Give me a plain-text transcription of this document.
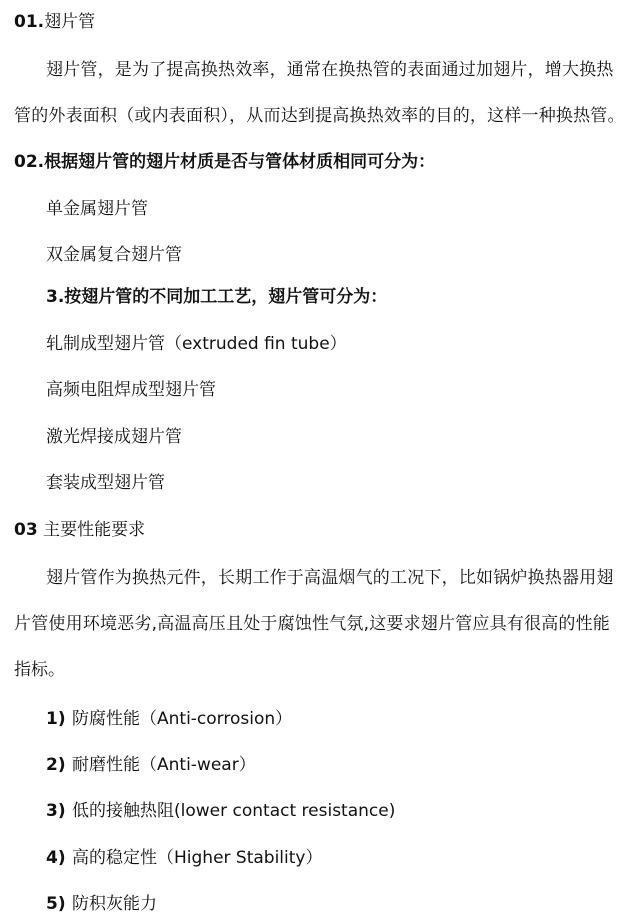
01.翅片管
翅片管，是为了提高换热效率，通常在换热管的表面通过加翅片，增大换热
管的外表面积（或内表面积），从而达到提高换热效率的目的，这样一种换热管。
02.根据翅片管的翅片材质是否与管体材质相同可分为：
单金属翅片管
双金属复合翅片管
3.按翅片管的不同加工工艺，翅片管可分为：
轧制成型翅片管（extruded fin tube）
高频电阻焊成型翅片管
激光焊接成翅片管
套装成型翅片管
03 主要性能要求
翅片管作为换热元件，长期工作于高温烟气的工况下，比如锅炉换热器用翅
片管使用环境恶劣,高温高压且处于腐蚀性气氛,这要求翅片管应具有很高的性能
指标。
1) 防腐性能（Anti-corrosion）
2) 耐磨性能（Anti-wear）
3) 低的接触热阻(lower contact resistance)
4) 高的稳定性（Higher Stability）
5) 防积灰能力
